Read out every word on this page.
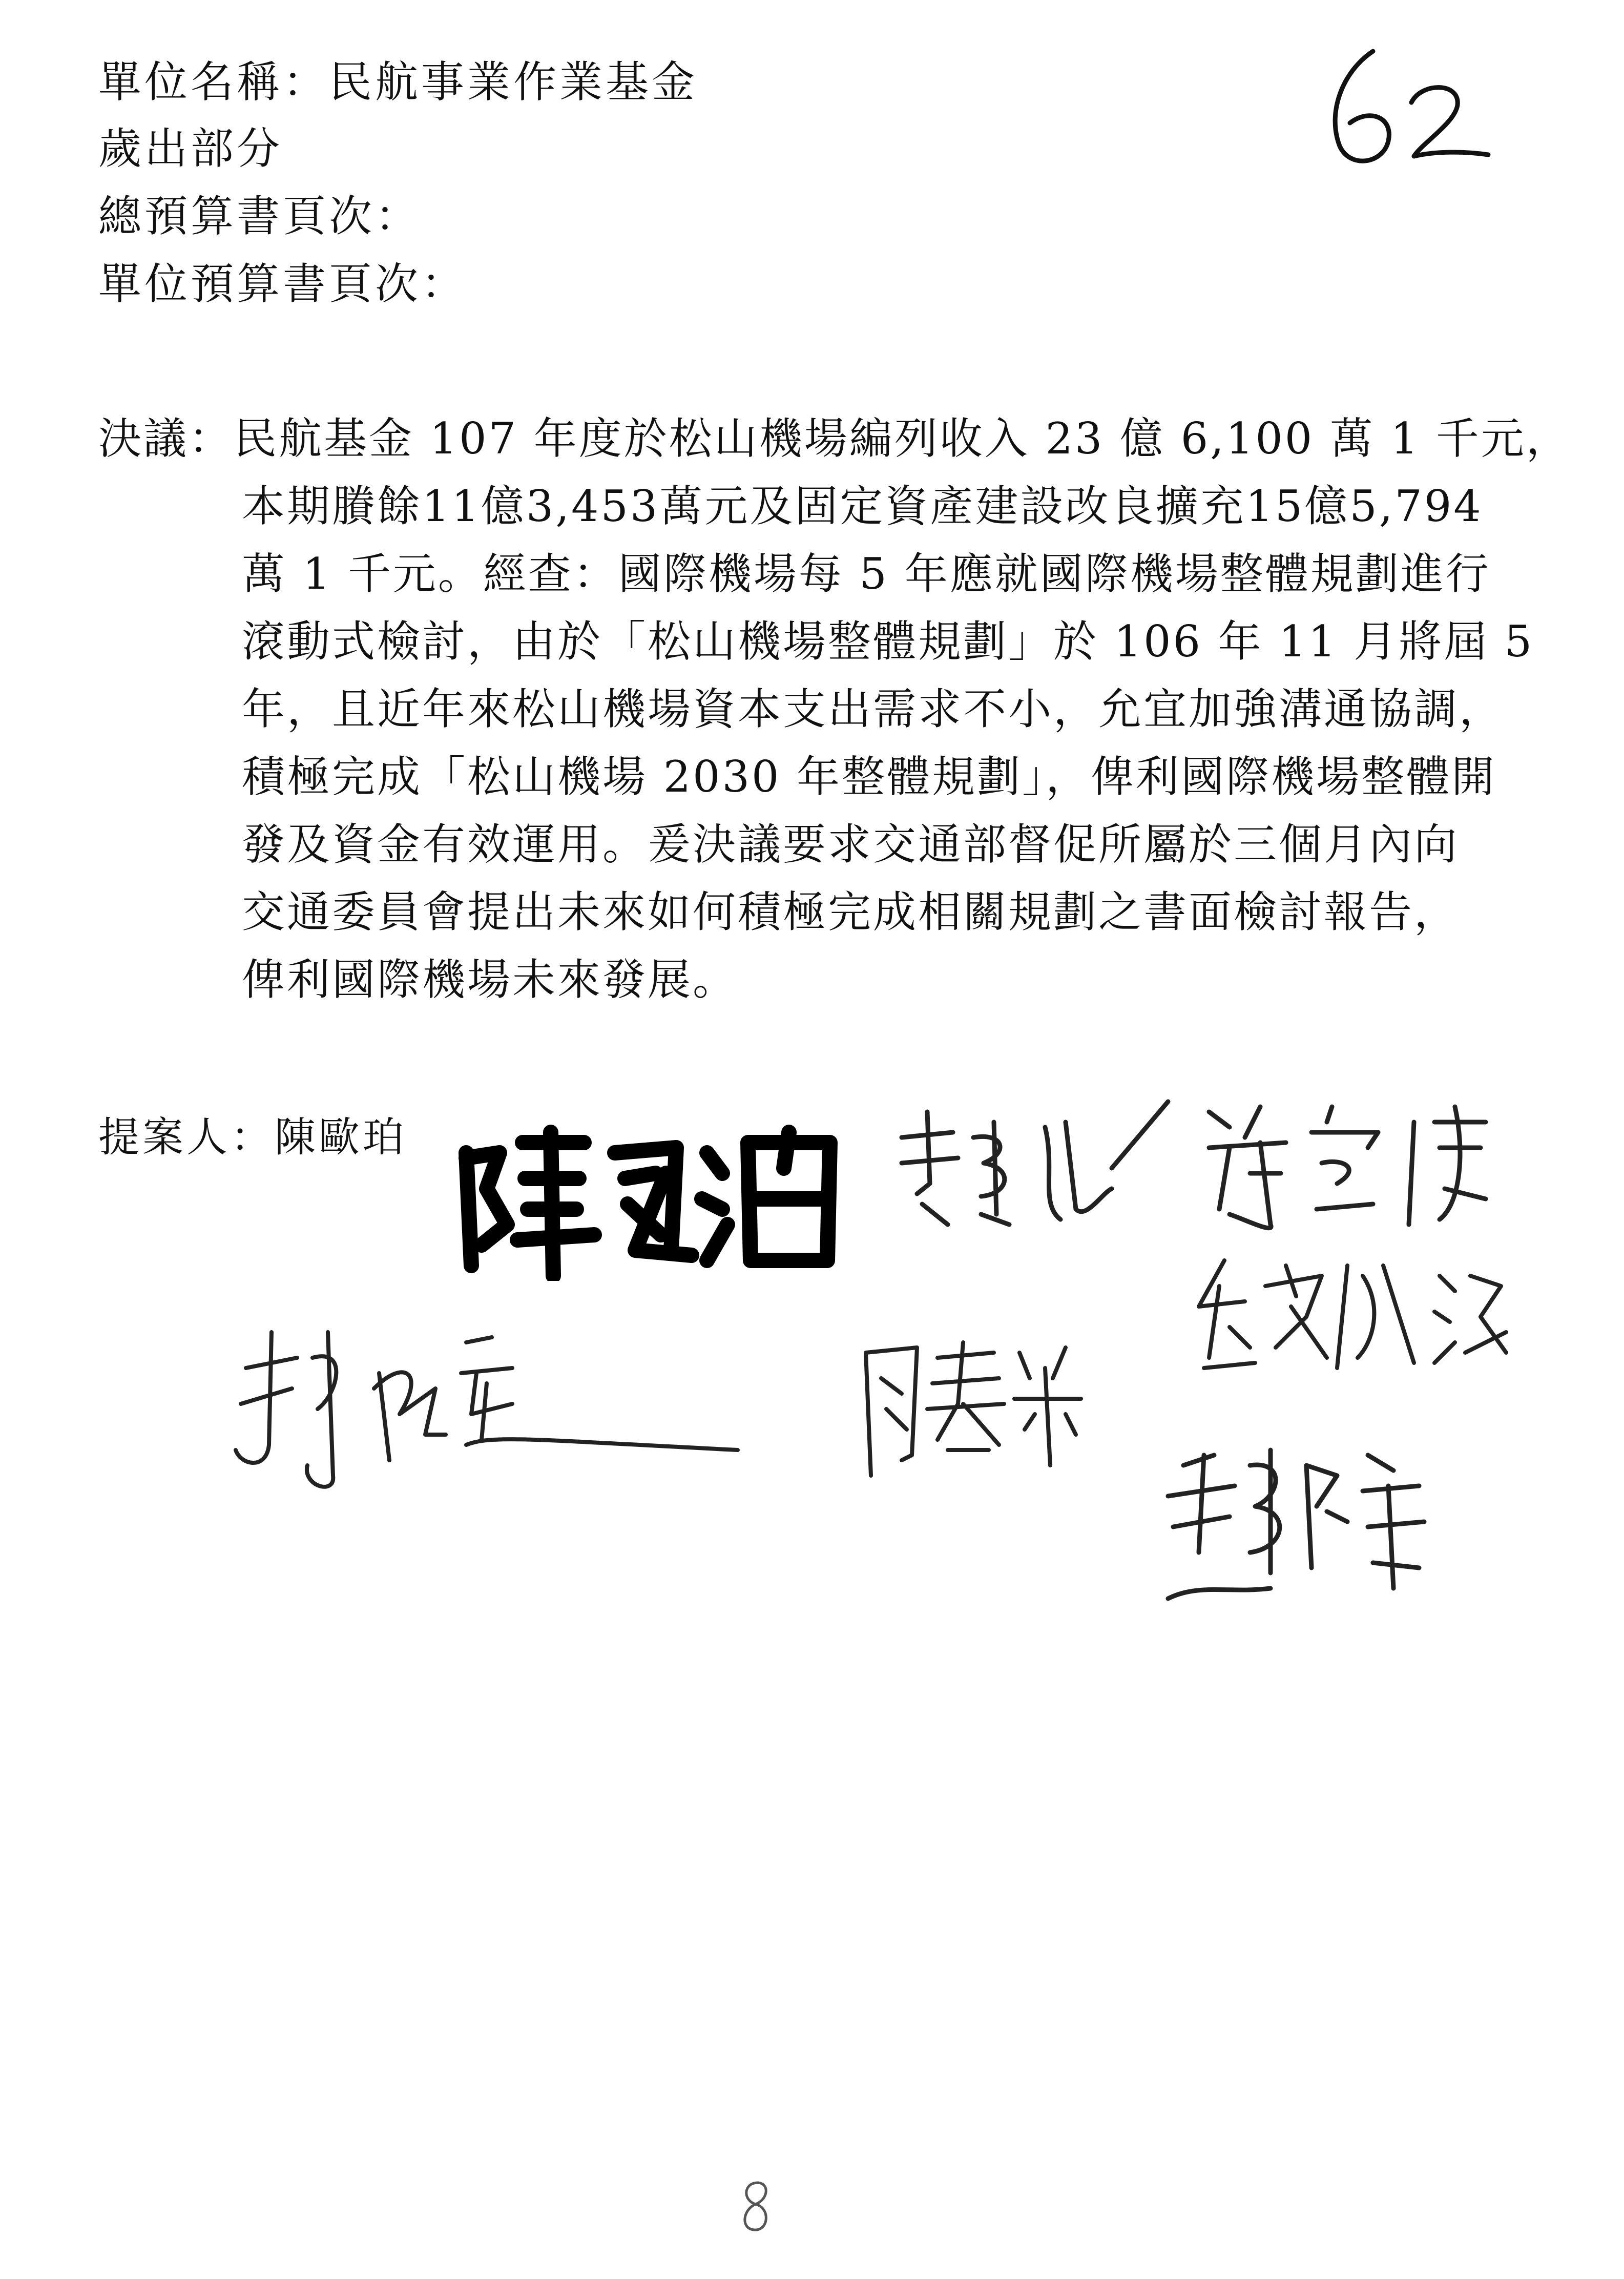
單位名稱：民航事業作業基金
歲出部分
總預算書頁次：
單位預算書頁次：
決議：民航基金 107 年度於松山機場編列收入 23 億 6,100 萬 1 千元，
本期賸餘11億3,453萬元及固定資產建設改良擴充15億5,794
萬 1 千元。經查：國際機場每 5 年應就國際機場整體規劃進行
滾動式檢討，由於「松山機場整體規劃」於 106 年 11 月將屆 5
年，且近年來松山機場資本支出需求不小，允宜加強溝通協調，
積極完成「松山機場 2030 年整體規劃」，俾利國際機場整體開
發及資金有效運用。爰決議要求交通部督促所屬於三個月內向
交通委員會提出未來如何積極完成相關規劃之書面檢討報告，
俾利國際機場未來發展。
提案人：陳歐珀
